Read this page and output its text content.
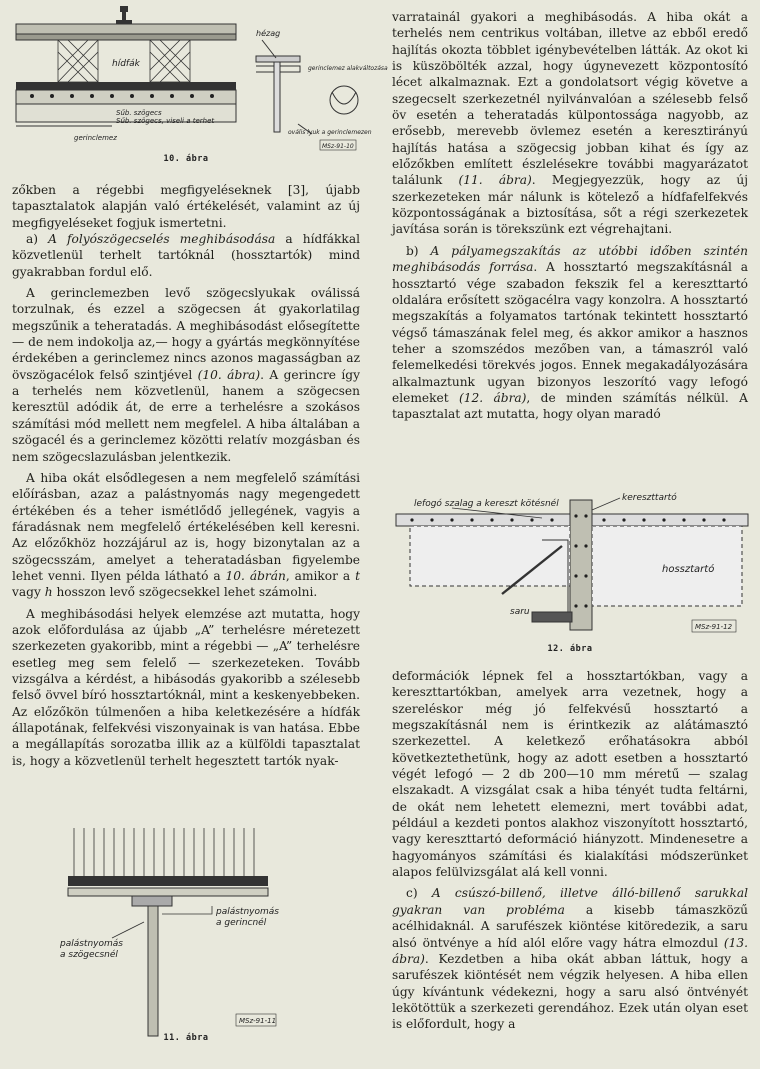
hídfák
Sűb. szögecs
Sűb. szögecs, viseli a terhet
gerinclemez
hézag
gerinclemez alakváltozása
ovális lyuk a gerinclemezen
MSz-91-10
10. ábra

zőkben a régebbi megfigyeléseknek [3], újabb tapasztalatok alapján való értékelését, valamint az új megfigyeléseket fogjuk ismertetni.

a) A folyószögecselés meghibásodása a hídfákkal közvetlenül terhelt tartóknál (hossztartók) mind gyakrabban fordul elő.

A gerinclemezben levő szögecslyukak oválissá torzulnak, és ezzel a szögecsen át gyakorlatilag megszűnik a teheratadás. A meghibásodást elősegítette — de nem indokolja az,— hogy a gyártás megkönnyítése érdekében a gerinclemez nincs azonos magasságban az övszögacélok felső szintjével (10. ábra). A gerincre így a terhelés nem közvetlenül, hanem a szögecsen keresztül adódik át, de erre a terhelésre a szokásos számítási mód mellett nem megfelel. A hiba általában a szögacél és a gerinclemez közötti relatív mozgásban és nem szögecslazulásban jelentkezik.

A hiba okát elsődlegesen a nem megfelelő számítási előírásban, azaz a palástnyomás nagy megengedett értékében és a teher ismétlődő jellegének, vagyis a fáradásnak nem megfelelő értékelésében kell keresni. Az előzőkhöz hozzájárul az is, hogy bizonytalan az a szögecsszám, amelyet a teheratadásban figyelembe lehet venni. Ilyen példa látható a 10. ábrán, amikor a t vagy h hosszon levő szögecsekkel lehet számolni.

A meghibásodási helyek elemzése azt mutatta, hogy azok előfordulása az újabb „A” terhelésre méretezett szerkezeten gyakoribb, mint a régebbi — „A” terhelésre esetleg meg sem felelő — szerkezeteken. Tovább vizsgálva a kérdést, a hibásodás gyakoribb a szélesebb felső övvel bíró hossztartóknál, mint a keskenyebbeken. Az előzőkön túlmenően a hiba keletkezésére a hídfák állapotának, felfekvési viszonyainak is van hatása. Ebbe a megállapítás sorozatba illik az a külföldi tapasztalat is, hogy a közvetlenül terhelt hegesztett tartók nyak-

palástnyomás
a gerincnél
palástnyomás
a szögecsnél
MSz-91-11
11. ábra

varratainál gyakori a meghibásodás. A hiba okát a terhelés nem centrikus voltában, illetve az ebből eredő hajlítás okozta többlet igénybevételben látták. Az okot ki is küszöbölték azzal, hogy úgynevezett központosító lécet alkalmaznak. Ezt a gondolatsort végig követve a szegecselt szerkezetnél nyilvánvalóan a szélesebb felső öv esetén a teheratadás külpontossága nagyobb, az erősebb, merevebb övlemez esetén a keresztirányú hajlítás hatása a szögecsig jobban kihat és így az előzőkben említett észlelésekre további magyarázatot találunk (11. ábra). Megjegyezzük, hogy az új szerkezeteken már nálunk is kötelező a hídfafelfekvés központosságának a biztosítása, sőt a régi szerkezetek javítása során is törekszünk ezt végrehajtani.

b) A pályamegszakítás az utóbbi időben szintén meghibásodás forrása. A hossztartó megszakításnál a hossztartó vége szabadon fekszik fel a kereszttartó oldalára erősített szögacélra vagy konzolra. A hossztartó megszakítás a folyamatos tartónak tekintett hossztartó végső támaszának felel meg, és akkor amikor a hasznos teher a szomszédos mezőben van, a támaszról való felemelkedési törekvés jogos. Ennek megakadályozására alkalmaztunk ugyan bizonyos leszorító vagy lefogó elemeket (12. ábra), de minden számítás nélkül. A tapasztalat azt mutatta, hogy olyan maradó

lefogó szalag a kereszt kötésnél
kereszttartó
hossztartó
saru
MSz-91-12
12. ábra

deformációk lépnek fel a hossztartókban, vagy a kereszttartókban, amelyek arra vezetnek, hogy a szereléskor még jó felfekvésű hossztartó a megszakításnál nem is érintkezik az alátámasztó szerkezettel. A keletkező erőhatásokra abból következtethetünk, hogy az adott esetben a hossztartó végét lefogó — 2 db 200—10 mm méretű — szalag elszakadt. A vizsgálat csak a hiba tényét tudta feltárni, de okát nem lehetett elemezni, mert további adat, például a kezdeti pontos alakhoz viszonyított hossztartó, vagy kereszttartó deformáció hiányzott. Mindenesetre a hagyományos számítási és kialakítási módszerünket alapos felülvizsgálat alá kell vonni.

c) A csúszó-billenő, illetve álló-billenő sarukkal gyakran van probléma a kisebb támaszközű acélhidaknál. A sarufészek kiöntése kitöredezik, a saru alsó öntvénye a híd alól előre vagy hátra elmozdul (13. ábra). Kezdetben a hiba okát abban láttuk, hogy a sarufészek kiöntését nem végzik helyesen. A hiba ellen úgy kívántunk védekezni, hogy a saru alsó öntvényét lekötöttük a szerkezeti gerendához. Ezek után olyan eset is előfordult, hogy a
